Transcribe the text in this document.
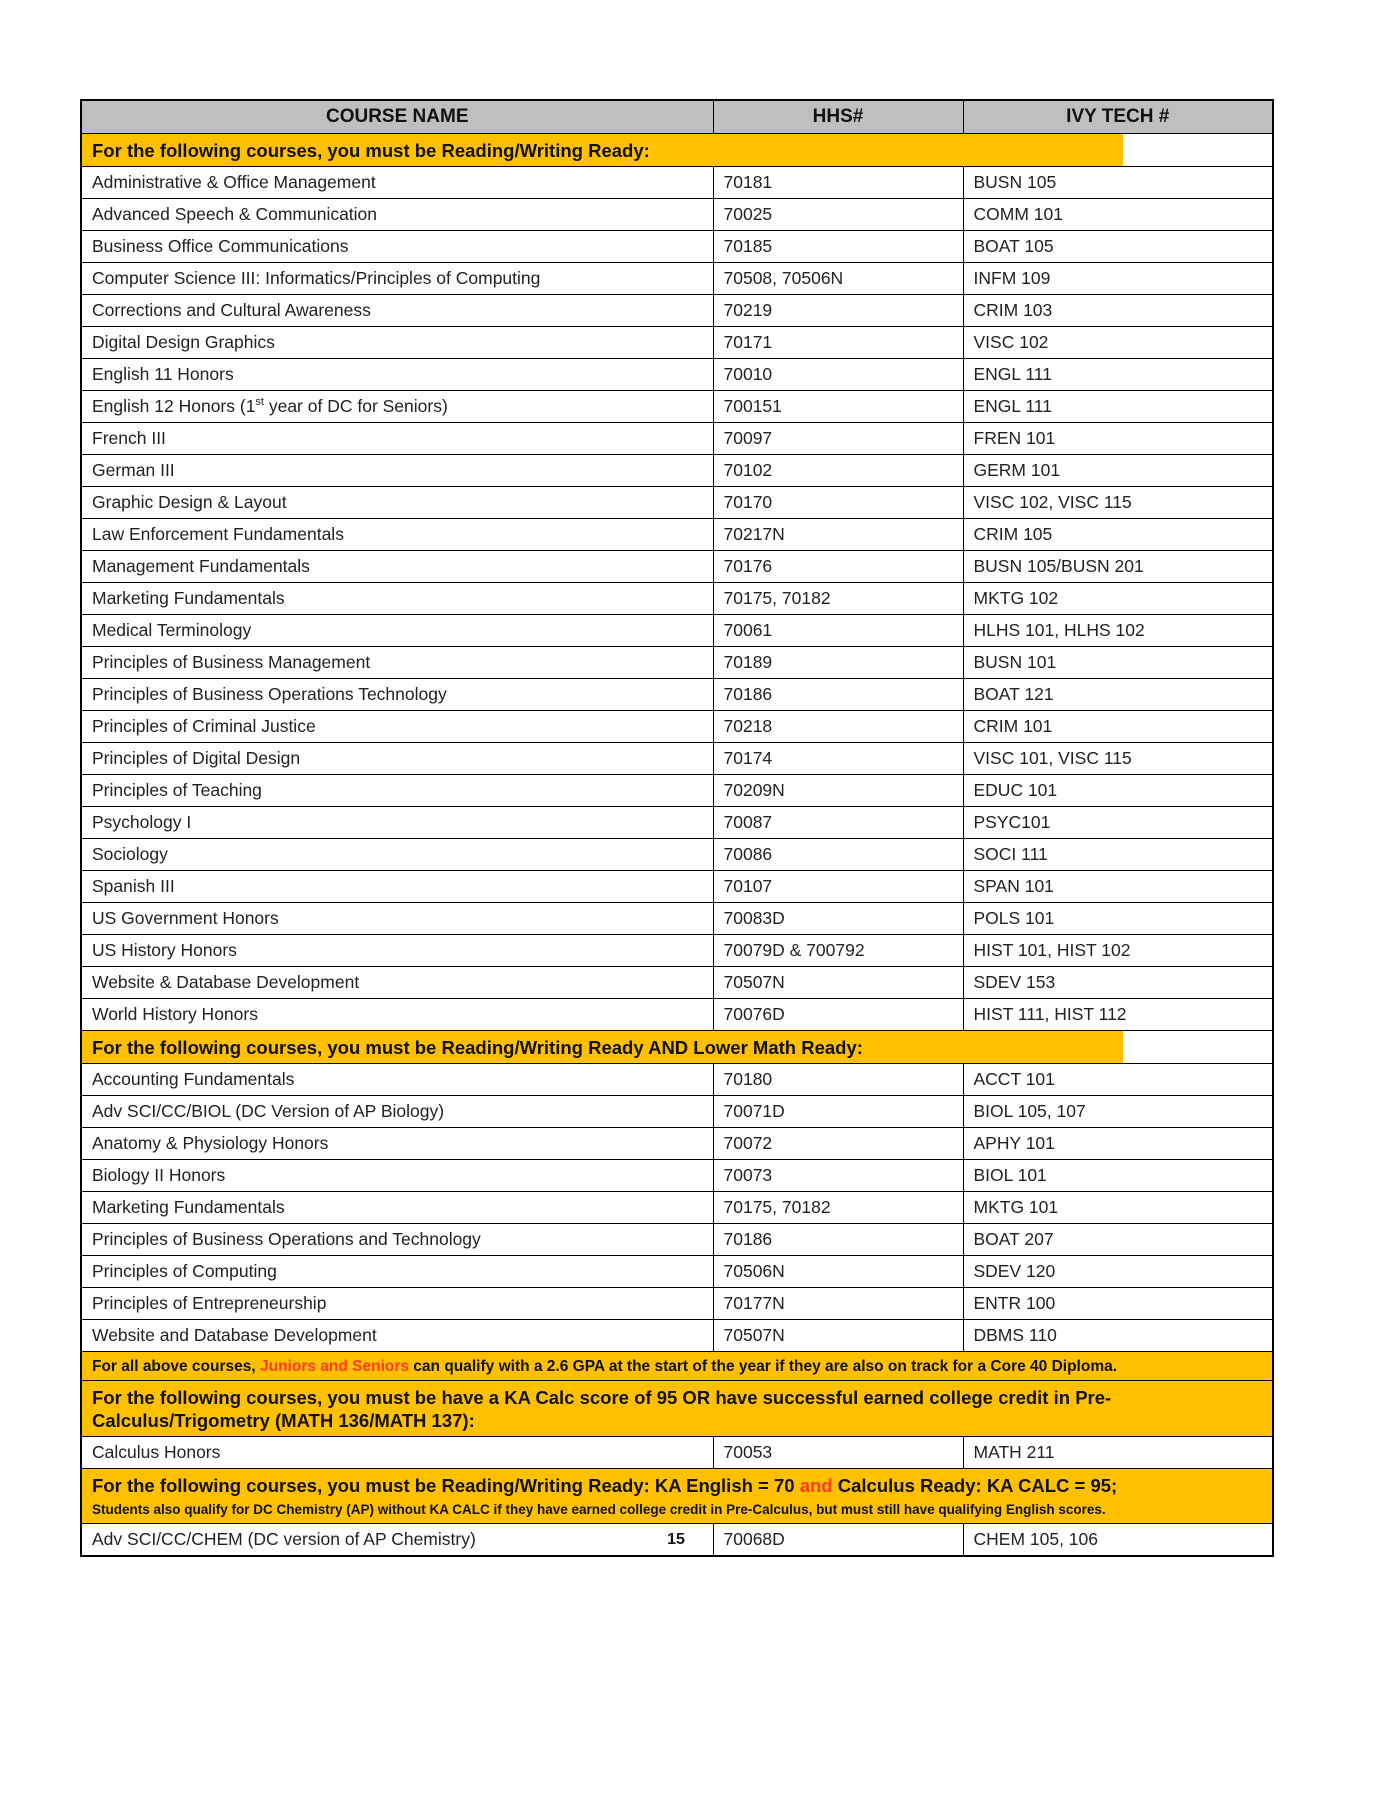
COURSE NAME	HHS#	IVY TECH #

For the following courses, you must be Reading/Writing Ready:		

Administrative & Office Management	70181	BUSN 105
Advanced Speech & Communication	70025	COMM 101
Business Office Communications	70185	BOAT 105
Computer Science III: Informatics/Principles of Computing	70508, 70506N	INFM 109
Corrections and Cultural Awareness	70219	CRIM 103
Digital Design Graphics	70171	VISC 102
English 11 Honors	70010	ENGL 111
English 12 Honors (1st year of DC for Seniors)	700151	ENGL 111
French III	70097	FREN 101
German III	70102	GERM 101
Graphic Design & Layout	70170	VISC 102, VISC 115
Law Enforcement Fundamentals	70217N	CRIM 105
Management Fundamentals	70176	BUSN 105/BUSN 201
Marketing Fundamentals	70175, 70182	MKTG 102
Medical Terminology	70061	HLHS 101, HLHS 102
Principles of Business Management	70189	BUSN 101
Principles of Business Operations Technology	70186	BOAT 121
Principles of Criminal Justice	70218	CRIM 101
Principles of Digital Design	70174	VISC 101, VISC 115
Principles of Teaching	70209N	EDUC 101
Psychology I	70087	PSYC101
Sociology	70086	SOCI 111
Spanish III	70107	SPAN 101
US Government Honors	70083D	POLS 101
US History Honors	70079D & 700792	HIST 101, HIST 102
Website & Database Development	70507N	SDEV 153
World History Honors	70076D	HIST 111, HIST 112

For the following courses, you must be Reading/Writing Ready AND Lower Math Ready:		

Accounting Fundamentals	70180	ACCT 101
Adv SCI/CC/BIOL (DC Version of AP Biology)	70071D	BIOL 105, 107
Anatomy & Physiology Honors	70072	APHY 101
Biology II Honors	70073	BIOL 101
Marketing Fundamentals	70175, 70182	MKTG 101
Principles of Business Operations and Technology	70186	BOAT 207
Principles of Computing	70506N	SDEV 120
Principles of Entrepreneurship	70177N	ENTR 100
Website and Database Development	70507N	DBMS 110

For all above courses, Juniors and Seniors can qualify with a 2.6 GPA at the start of the year if they are also on track for a Core 40 Diploma.		

For the following courses, you must be have a KA Calc score of 95 OR have successful earned college credit in Pre-Calculus/Trigometry (MATH 136/MATH 137):		

Calculus Honors	70053	MATH 211

For the following courses, you must be Reading/Writing Ready: KA English = 70 and Calculus Ready: KA CALC = 95;
Students also qualify for DC Chemistry (AP) without KA CALC if they have earned college credit in Pre-Calculus, but must still have qualifying English scores.		

Adv SCI/CC/CHEM (DC version of AP Chemistry)	70068D	CHEM 105, 106
15
